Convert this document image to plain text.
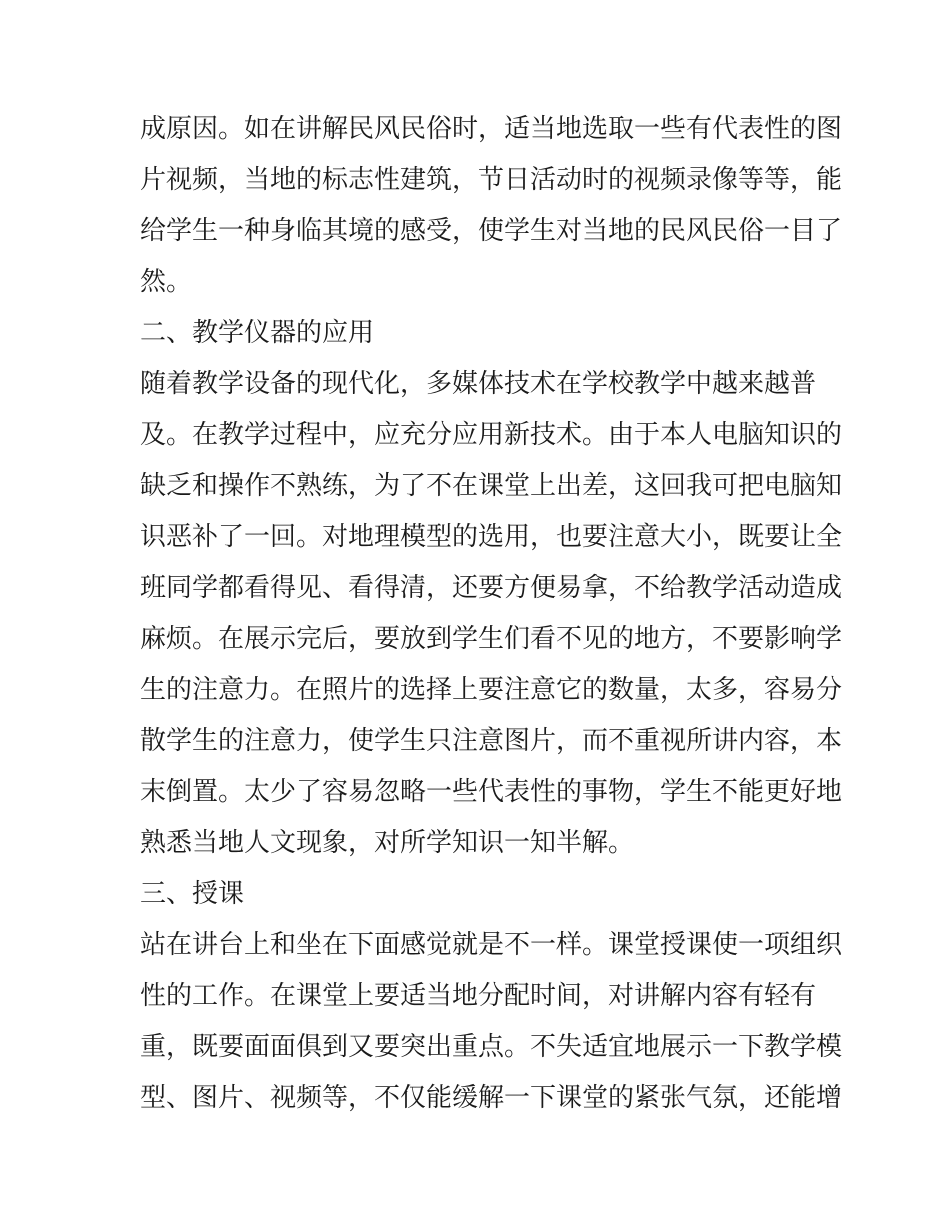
成原因。如在讲解民风民俗时，适当地选取一些有代表性的图
片视频，当地的标志性建筑，节日活动时的视频录像等等，能
给学生一种身临其境的感受，使学生对当地的民风民俗一目了
然。
二、教学仪器的应用
随着教学设备的现代化，多媒体技术在学校教学中越来越普
及。在教学过程中，应充分应用新技术。由于本人电脑知识的
缺乏和操作不熟练，为了不在课堂上出差，这回我可把电脑知
识恶补了一回。对地理模型的选用，也要注意大小，既要让全
班同学都看得见、看得清，还要方便易拿，不给教学活动造成
麻烦。在展示完后，要放到学生们看不见的地方，不要影响学
生的注意力。在照片的选择上要注意它的数量，太多，容易分
散学生的注意力，使学生只注意图片，而不重视所讲内容，本
末倒置。太少了容易忽略一些代表性的事物，学生不能更好地
熟悉当地人文现象，对所学知识一知半解。
三、授课
站在讲台上和坐在下面感觉就是不一样。课堂授课使一项组织
性的工作。在课堂上要适当地分配时间，对讲解内容有轻有
重，既要面面俱到又要突出重点。不失适宜地展示一下教学模
型、图片、视频等，不仅能缓解一下课堂的紧张气氛，还能增
